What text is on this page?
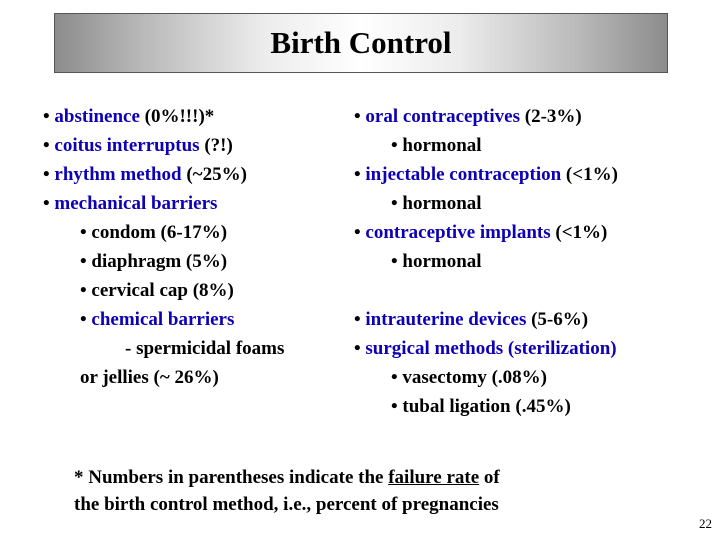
Birth Control
• abstinence (0%!!!)*
• coitus interruptus (?!)
• rhythm method (~25%)
• mechanical barriers
• condom (6-17%)
• diaphragm (5%)
• cervical cap (8%)
• chemical barriers
- spermicidal foams
or jellies (~ 26%)
• oral contraceptives (2-3%)
• hormonal
• injectable contraception (<1%)
• hormonal
• contraceptive implants (<1%)
• hormonal

• intrauterine devices (5-6%)
• surgical methods (sterilization)
• vasectomy (.08%)
• tubal ligation (.45%)
* Numbers in parentheses indicate the failure rate of
the birth control method, i.e., percent of pregnancies
22
